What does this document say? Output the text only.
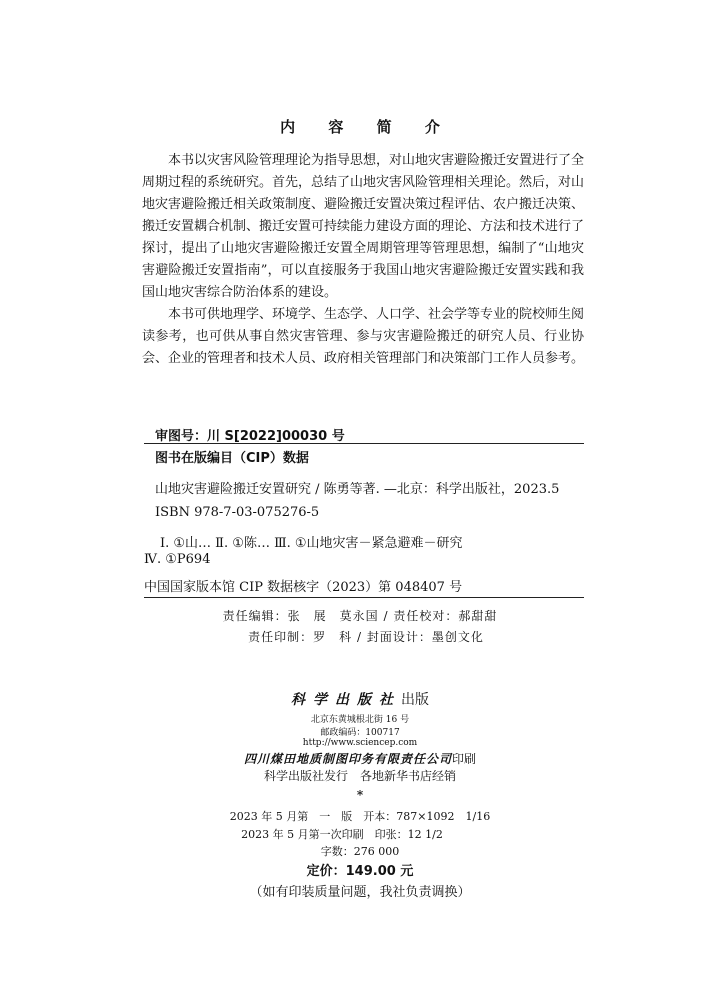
内 容 简 介

本书以灾害风险管理理论为指导思想，对山地灾害避险搬迁安置进行了全周期过程的系统研究。首先，总结了山地灾害风险管理相关理论。然后，对山地灾害避险搬迁相关政策制度、避险搬迁安置决策过程评估、农户搬迁决策、搬迁安置耦合机制、搬迁安置可持续能力建设方面的理论、方法和技术进行了探讨，提出了山地灾害避险搬迁安置全周期管理等管理思想，编制了“山地灾害避险搬迁安置指南”，可以直接服务于我国山地灾害避险搬迁安置实践和我国山地灾害综合防治体系的建设。

本书可供地理学、环境学、生态学、人口学、社会学等专业的院校师生阅读参考，也可供从事自然灾害管理、参与灾害避险搬迁的研究人员、行业协会、企业的管理者和技术人员、政府相关管理部门和决策部门工作人员参考。

审图号：川 S[2022]00030 号
图书在版编目（CIP）数据
山地灾害避险搬迁安置研究 / 陈勇等著. —北京：科学出版社，2023.5
ISBN 978-7-03-075276-5
Ⅰ. ①山… Ⅱ. ①陈… Ⅲ. ①山地灾害－紧急避难－研究
Ⅳ. ①P694
中国国家版本馆 CIP 数据核字（2023）第 048407 号
责任编辑：张　展　莫永国 / 责任校对：郝甜甜
责任印制：罗　科 / 封面设计：墨创文化
科学出版社出版
北京东黄城根北街 16 号
邮政编码：100717
http://www.sciencep.com
四川煤田地质制图印务有限责任公司印刷
科学出版社发行　各地新华书店经销
*
2023 年 5 月第　一　版　开本：787×1092　1/16
2023 年 5 月第一次印刷　印张：12 1/2
字数：276 000
定价：149.00 元
（如有印装质量问题，我社负责调换）
